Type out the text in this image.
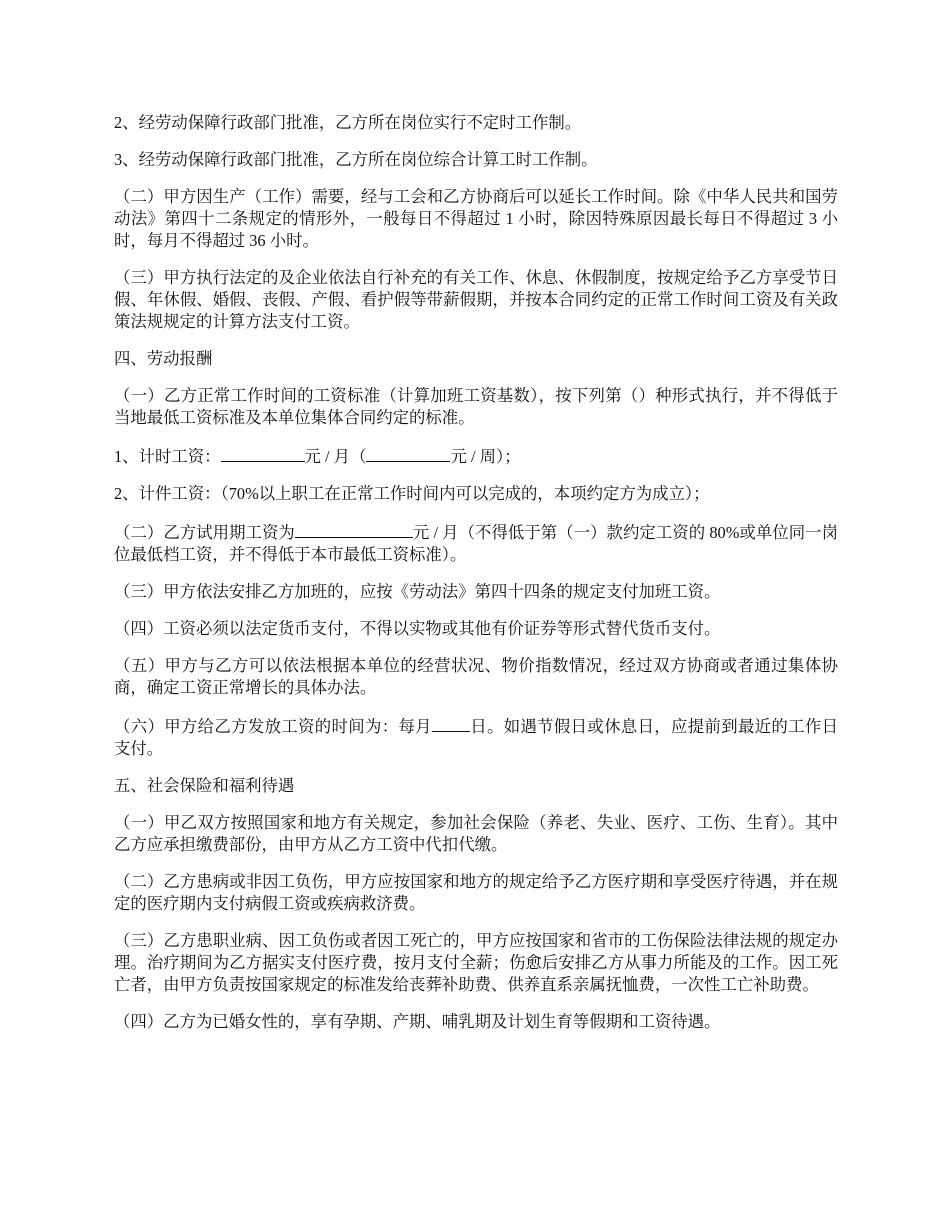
2、经劳动保障行政部门批准，乙方所在岗位实行不定时工作制。

3、经劳动保障行政部门批准，乙方所在岗位综合计算工时工作制。

（二）甲方因生产（工作）需要，经与工会和乙方协商后可以延长工作时间。除《中华人民共和国劳动法》第四十二条规定的情形外，一般每日不得超过 1 小时，除因特殊原因最长每日不得超过 3 小时，每月不得超过 36 小时。

（三）甲方执行法定的及企业依法自行补充的有关工作、休息、休假制度，按规定给予乙方享受节日假、年休假、婚假、丧假、产假、看护假等带薪假期，并按本合同约定的正常工作时间工资及有关政策法规规定的计算方法支付工资。

四、劳动报酬

（一）乙方正常工作时间的工资标准（计算加班工资基数），按下列第（）种形式执行，并不得低于当地最低工资标准及本单位集体合同约定的标准。

1、计时工资：	元 / 月（	元 / 周）；

2、计件工资：（70%以上职工在正常工作时间内可以完成的，本项约定方为成立）；

（二）乙方试用期工资为	元 / 月（不得低于第（一）款约定工资的 80%或单位同一岗位最低档工资，并不得低于本市最低工资标准）。

（三）甲方依法安排乙方加班的，应按《劳动法》第四十四条的规定支付加班工资。

（四）工资必须以法定货币支付，不得以实物或其他有价证券等形式替代货币支付。

（五）甲方与乙方可以依法根据本单位的经营状况、物价指数情况，经过双方协商或者通过集体协商，确定工资正常增长的具体办法。

（六）甲方给乙方发放工资的时间为：每月 日。如遇节假日或休息日，应提前到最近的工作日支付。

五、社会保险和福利待遇

（一）甲乙双方按照国家和地方有关规定，参加社会保险（养老、失业、医疗、工伤、生育）。其中乙方应承担缴费部份，由甲方从乙方工资中代扣代缴。

（二）乙方患病或非因工负伤，甲方应按国家和地方的规定给予乙方医疗期和享受医疗待遇，并在规定的医疗期内支付病假工资或疾病救济费。

（三）乙方患职业病、因工负伤或者因工死亡的，甲方应按国家和省市的工伤保险法律法规的规定办理。治疗期间为乙方据实支付医疗费，按月支付全薪；伤愈后安排乙方从事力所能及的工作。因工死亡者，由甲方负责按国家规定的标准发给丧葬补助费、供养直系亲属抚恤费，一次性工亡补助费。

（四）乙方为已婚女性的，享有孕期、产期、哺乳期及计划生育等假期和工资待遇。
